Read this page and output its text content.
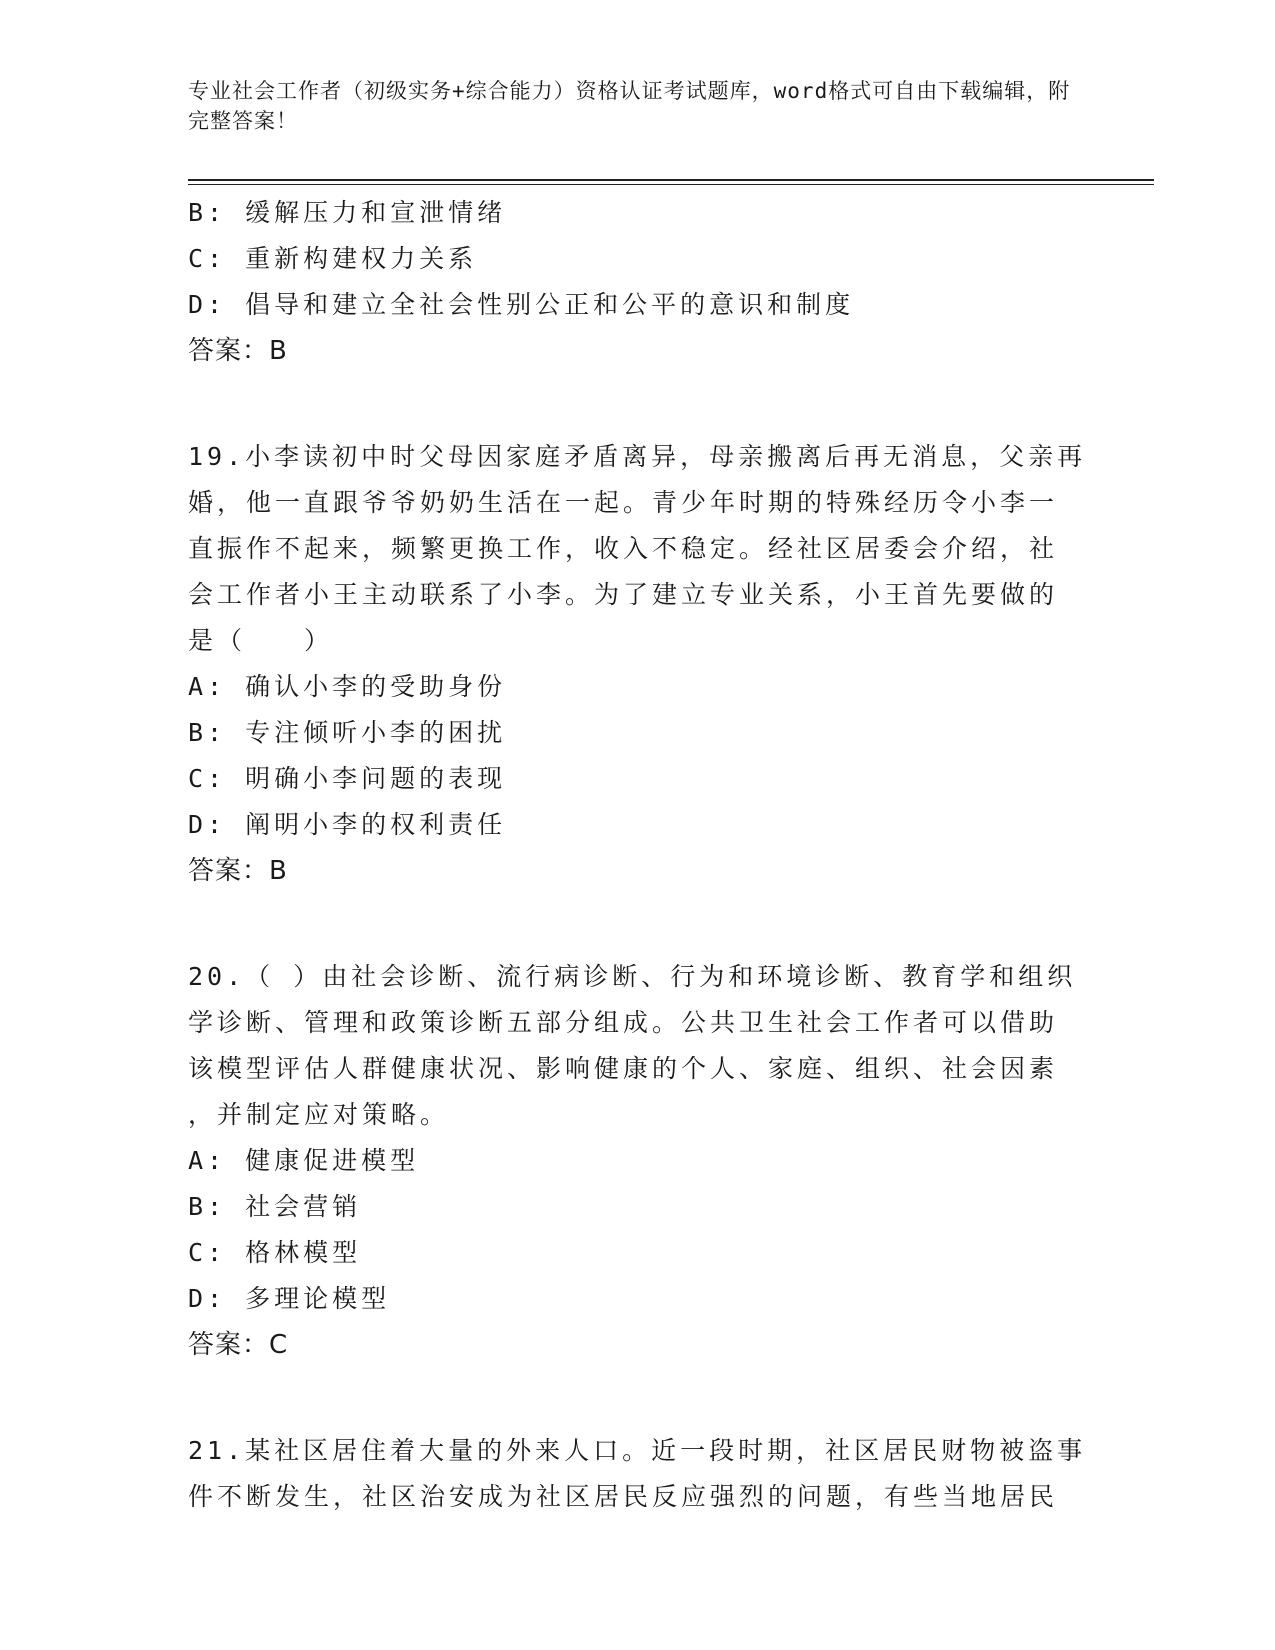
专业社会工作者（初级实务+综合能力）资格认证考试题库，word格式可自由下载编辑，附完整答案！
B: 缓解压力和宣泄情绪
C: 重新构建权力关系
D: 倡导和建立全社会性别公正和公平的意识和制度
答案：B
19.小李读初中时父母因家庭矛盾离异，母亲搬离后再无消息，父亲再
婚，他一直跟爷爷奶奶生活在一起。青少年时期的特殊经历令小李一
直振作不起来，频繁更换工作，收入不稳定。经社区居委会介绍，社
会工作者小王主动联系了小李。为了建立专业关系，小王首先要做的
是（　　）
A: 确认小李的受助身份
B: 专注倾听小李的困扰
C: 明确小李问题的表现
D: 阐明小李的权利责任
答案：B
20.（ ）由社会诊断、流行病诊断、行为和环境诊断、教育学和组织
学诊断、管理和政策诊断五部分组成。公共卫生社会工作者可以借助
该模型评估人群健康状况、影响健康的个人、家庭、组织、社会因素
，并制定应对策略。
A: 健康促进模型
B: 社会营销
C: 格林模型
D: 多理论模型
答案：C
21.某社区居住着大量的外来人口。近一段时期，社区居民财物被盗事
件不断发生，社区治安成为社区居民反应强烈的问题，有些当地居民
